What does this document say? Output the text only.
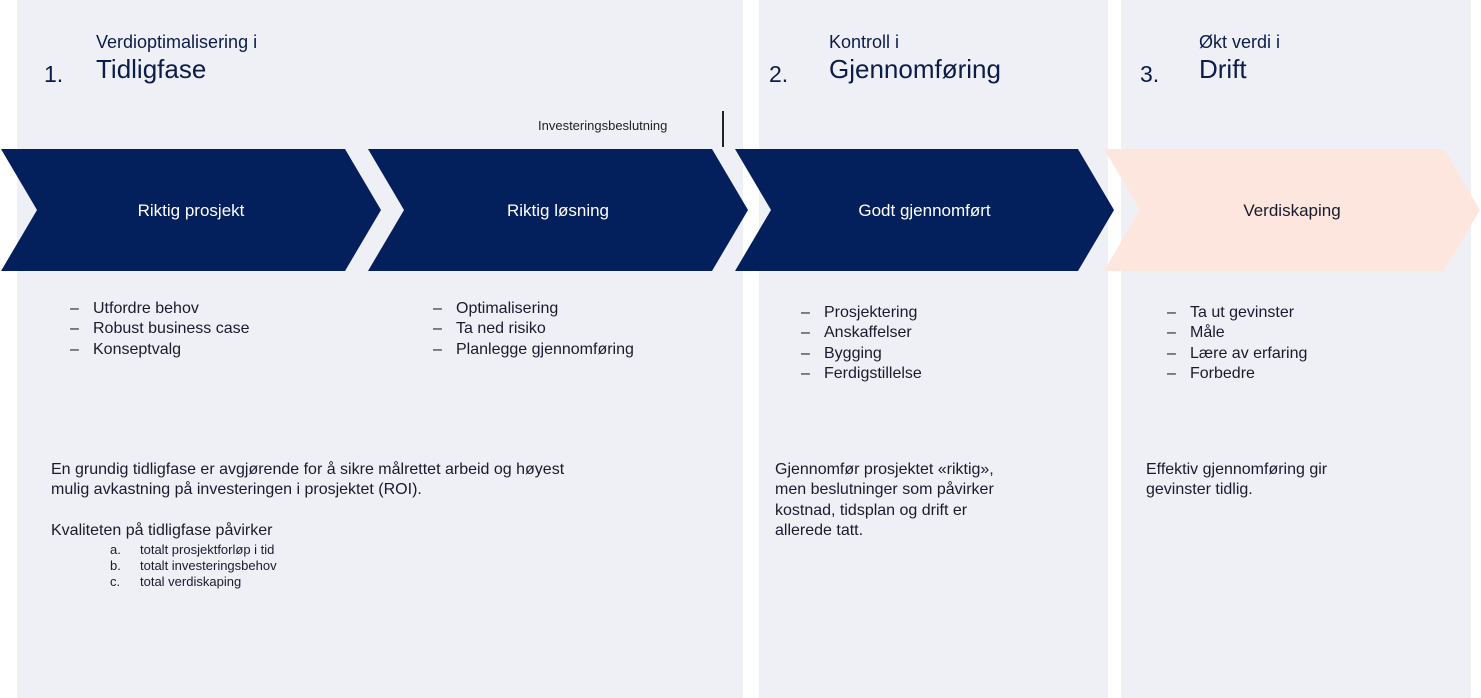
1.
Verdioptimalisering i
Tidligfase	2.
Kontroll i
Gjennomføring	3.
Økt verdi i
Drift
Investeringsbeslutning
Riktig prosjekt	Riktig løsning	Godt gjennomført	Verdiskaping
– Utfordre behov
– Robust business case
– Konseptvalg
– Optimalisering
– Ta ned risiko
– Planlegge gjennomføring
– Prosjektering
– Anskaffelser
– Bygging
– Ferdigstillelse
– Ta ut gevinster
– Måle
– Lære av erfaring
– Forbedre
En grundig tidligfase er avgjørende for å sikre målrettet arbeid og høyest
mulig avkastning på investeringen i prosjektet (ROI).
Kvaliteten på tidligfase påvirker
a. totalt prosjektforløp i tid
b. totalt investeringsbehov
c. total verdiskaping
Gjennomfør prosjektet «riktig»,
men beslutninger som påvirker
kostnad, tidsplan og drift er
allerede tatt.
Effektiv gjennomføring gir
gevinster tidlig.
